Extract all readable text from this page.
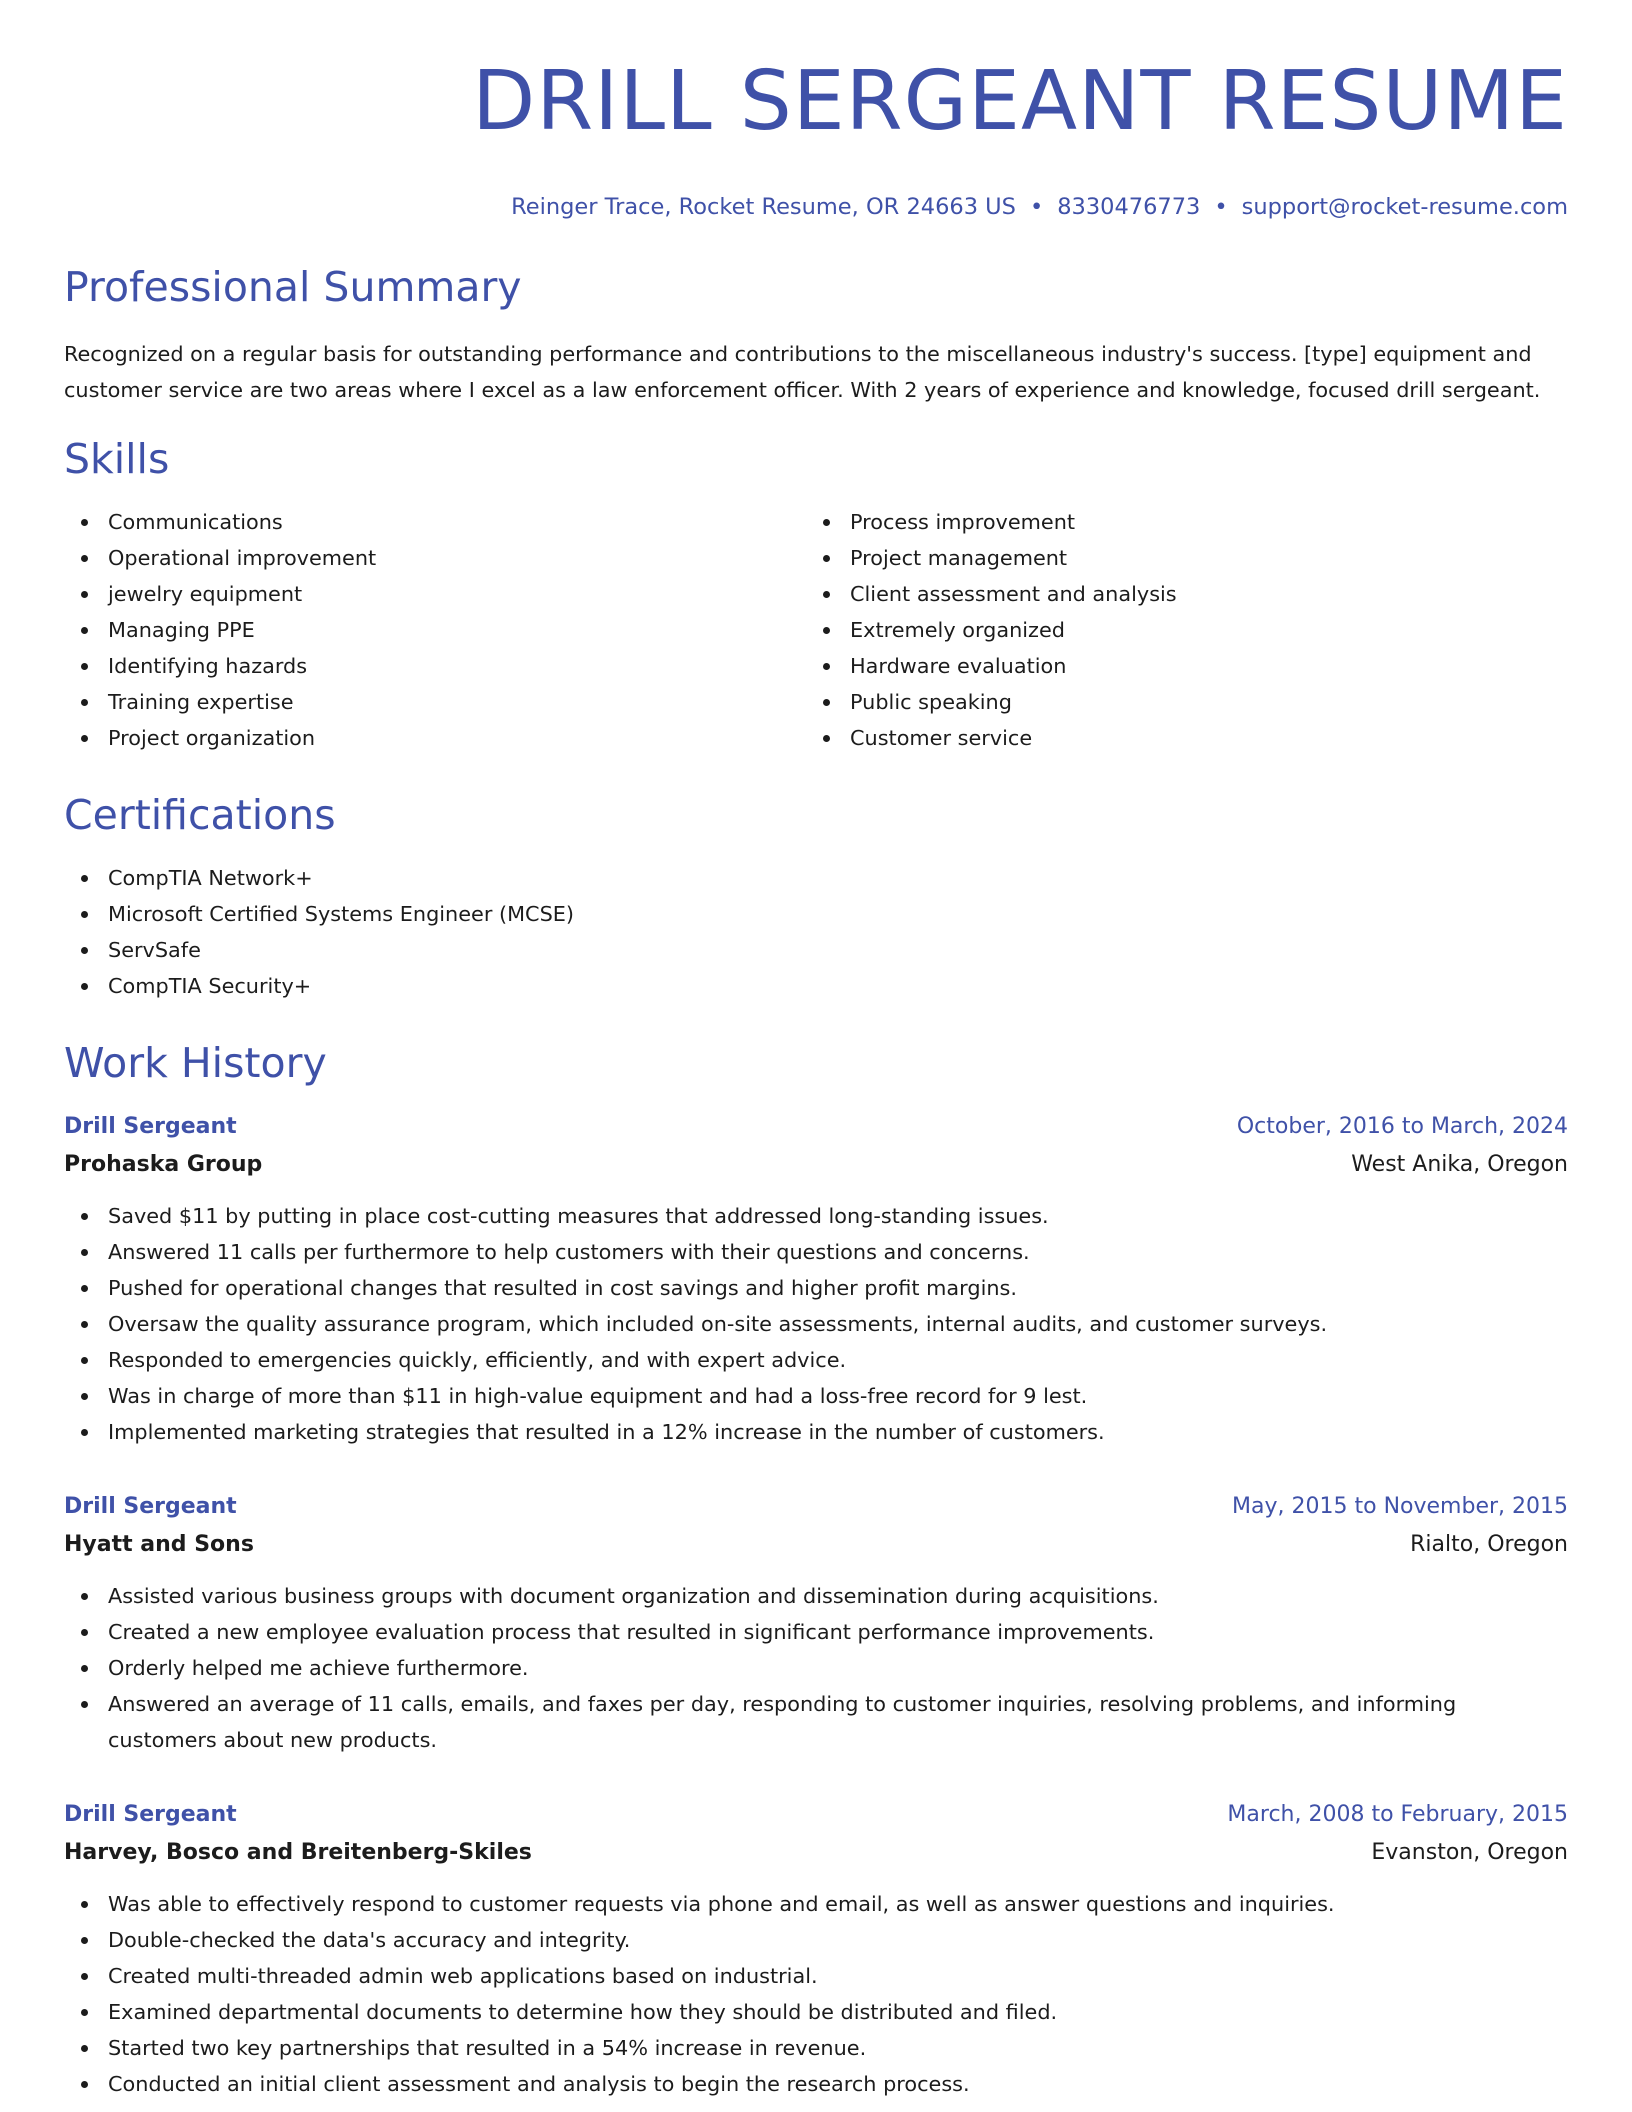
DRILL SERGEANT RESUME
Reinger Trace, Rocket Resume, OR 24663 US • 8330476773 • support@rocket-resume.com
Professional Summary

Recognized on a regular basis for outstanding performance and contributions to the miscellaneous industry's success. [type] equipment and customer service are two areas where I excel as a law enforcement officer. With 2 years of experience and knowledge, focused drill sergeant.

Skills
Communications
Operational improvement
jewelry equipment
Managing PPE
Identifying hazards
Training expertise
Project organization
Process improvement
Project management
Client assessment and analysis
Extremely organized
Hardware evaluation
Public speaking
Customer service
Certifications
CompTIA Network+
Microsoft Certified Systems Engineer (MCSE)
ServSafe
CompTIA Security+
Work History
Drill Sergeant	October, 2016 to March, 2024
Prohaska Group	West Anika, Oregon
Saved $11 by putting in place cost-cutting measures that addressed long-standing issues.
Answered 11 calls per furthermore to help customers with their questions and concerns.
Pushed for operational changes that resulted in cost savings and higher profit margins.
Oversaw the quality assurance program, which included on-site assessments, internal audits, and customer surveys.
Responded to emergencies quickly, efficiently, and with expert advice.
Was in charge of more than $11 in high-value equipment and had a loss-free record for 9 lest.
Implemented marketing strategies that resulted in a 12% increase in the number of customers.
Drill Sergeant	May, 2015 to November, 2015
Hyatt and Sons	Rialto, Oregon
Assisted various business groups with document organization and dissemination during acquisitions.
Created a new employee evaluation process that resulted in significant performance improvements.
Orderly helped me achieve furthermore.
Answered an average of 11 calls, emails, and faxes per day, responding to customer inquiries, resolving problems, and informing customers about new products.
Drill Sergeant	March, 2008 to February, 2015
Harvey, Bosco and Breitenberg-Skiles	Evanston, Oregon
Was able to effectively respond to customer requests via phone and email, as well as answer questions and inquiries.
Double-checked the data's accuracy and integrity.
Created multi-threaded admin web applications based on industrial.
Examined departmental documents to determine how they should be distributed and filed.
Started two key partnerships that resulted in a 54% increase in revenue.
Conducted an initial client assessment and analysis to begin the research process.
